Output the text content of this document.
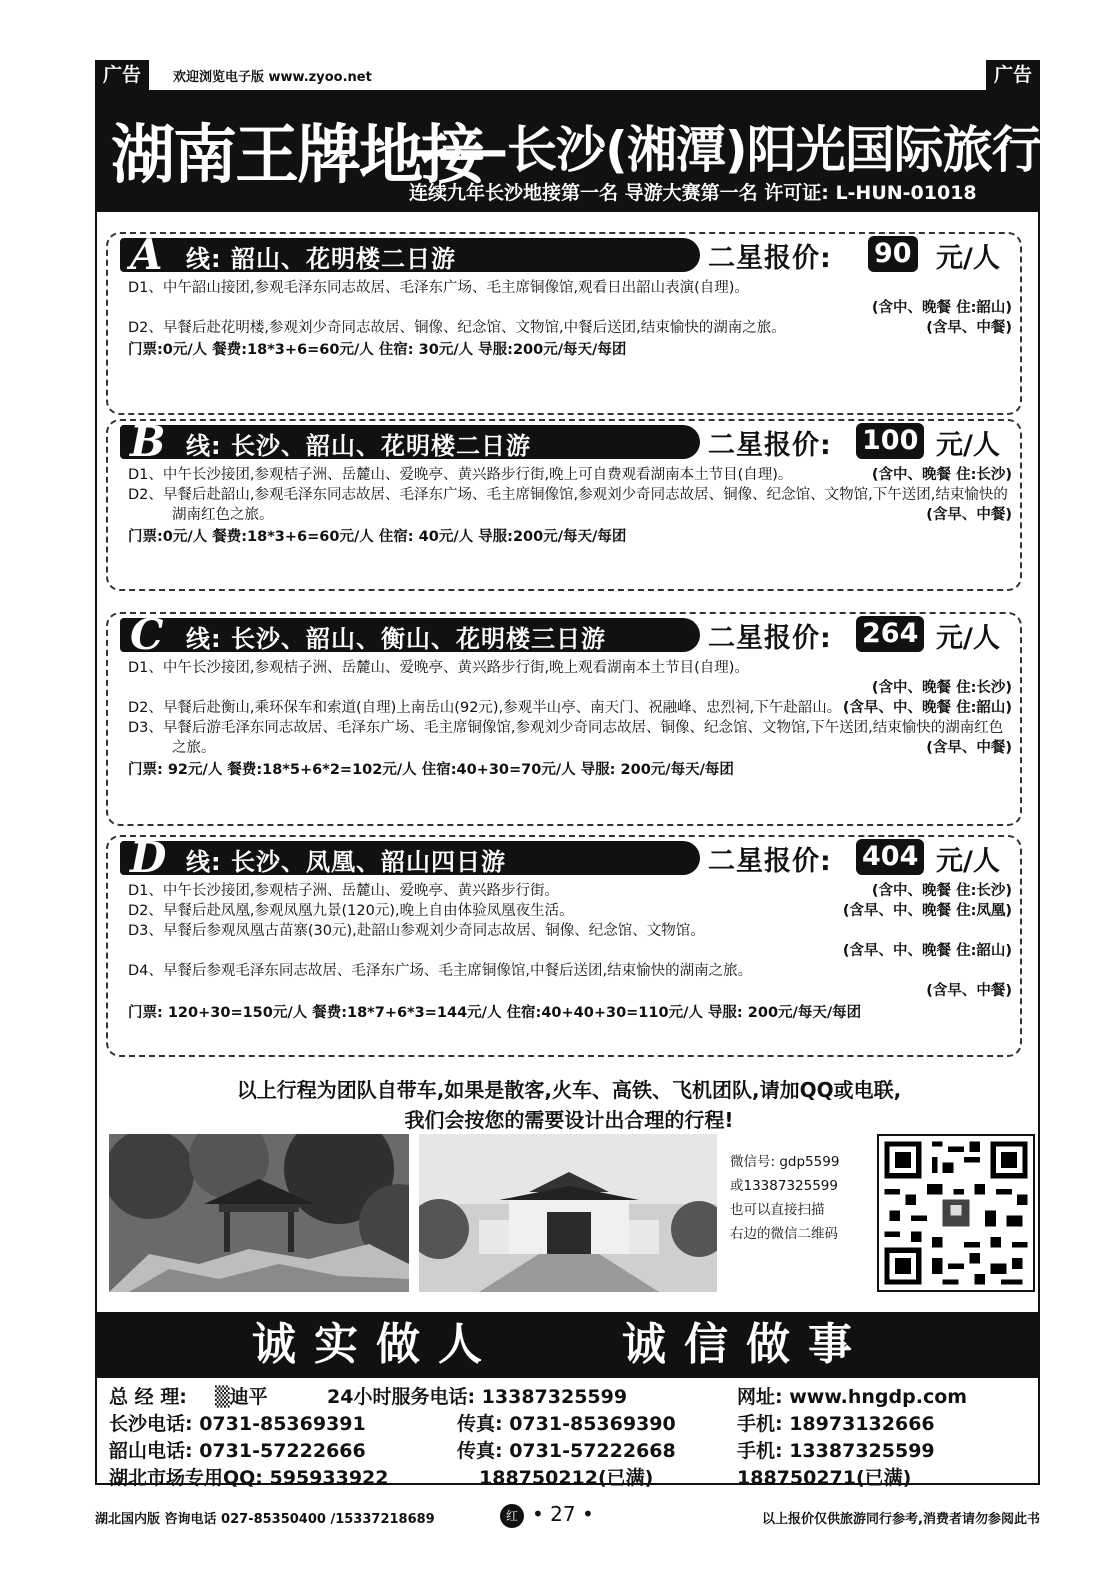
广告	欢迎浏览电子版 www.zyoo.net	广告
湖南王牌地接
——长沙(湘潭)阳光国际旅行社
连续九年长沙地接第一名 导游大赛第一名 许可证: L-HUN-01018
A 线: 韶山、花明楼二日游	二星报价: 90 元/人
D1、中午韶山接团,参观毛泽东同志故居、毛泽东广场、毛主席铜像馆,观看日出韶山表演(自理)。
(含中、晚餐 住:韶山)
D2、早餐后赴花明楼,参观刘少奇同志故居、铜像、纪念馆、文物馆,中餐后送团,结束愉快的湖南之旅。	(含早、中餐)
门票:0元/人 餐费:18*3+6=60元/人 住宿: 30元/人 导服:200元/每天/每团
B 线: 长沙、韶山、花明楼二日游	二星报价: 100 元/人
D1、中午长沙接团,参观桔子洲、岳麓山、爱晚亭、黄兴路步行街,晚上可自费观看湖南本土节目(自理)。	(含中、晚餐 住:长沙)
D2、早餐后赴韶山,参观毛泽东同志故居、毛泽东广场、毛主席铜像馆,参观刘少奇同志故居、铜像、纪念馆、文物馆,下午送团,结束愉快的湖南红色之旅。	(含早、中餐)
门票:0元/人 餐费:18*3+6=60元/人 住宿: 40元/人 导服:200元/每天/每团
C 线: 长沙、韶山、衡山、花明楼三日游	二星报价: 264 元/人
D1、中午长沙接团,参观桔子洲、岳麓山、爱晚亭、黄兴路步行街,晚上观看湖南本土节目(自理)。
(含中、晚餐 住:长沙)
D2、早餐后赴衡山,乘环保车和索道(自理)上南岳山(92元),参观半山亭、南天门、祝融峰、忠烈祠,下午赴韶山。 (含早、中、晚餐 住:韶山)
D3、早餐后游毛泽东同志故居、毛泽东广场、毛主席铜像馆,参观刘少奇同志故居、铜像、纪念馆、文物馆,下午送团,结束愉快的湖南红色之旅。	(含早、中餐)
门票: 92元/人 餐费:18*5+6*2=102元/人 住宿:40+30=70元/人 导服: 200元/每天/每团
D 线: 长沙、凤凰、韶山四日游	二星报价: 404 元/人
D1、中午长沙接团,参观桔子洲、岳麓山、爱晚亭、黄兴路步行街。	(含中、晚餐 住:长沙)
D2、早餐后赴凤凰,参观凤凰九景(120元),晚上自由体验凤凰夜生活。	(含早、中、晚餐 住:凤凰)
D3、早餐后参观凤凰古苗寨(30元),赴韶山参观刘少奇同志故居、铜像、纪念馆、文物馆。
(含早、中、晚餐 住:韶山)
D4、早餐后参观毛泽东同志故居、毛泽东广场、毛主席铜像馆,中餐后送团,结束愉快的湖南之旅。
(含早、中餐)
门票: 120+30=150元/人 餐费:18*7+6*3=144元/人 住宿:40+40+30=110元/人 导服: 200元/每天/每团
以上行程为团队自带车,如果是散客,火车、高铁、飞机团队,请加QQ或电联,
我们会按您的需要设计出合理的行程!
微信号: gdp5599
或13387325599
也可以直接扫描
右边的微信二维码
诚实做人	诚信做事
总 经 理: ▒迪平	24小时服务电话: 13387325599	网址: www.hngdp.com
长沙电话: 0731-85369391	传真: 0731-85369390	手机: 18973132666
韶山电话: 0731-57222666	传真: 0731-57222668	手机: 13387325599
湖北市场专用QQ: 595933922	188750212(已满)	188750271(已满)
湖北国内版 咨询电话 027-85350400 /15337218689	红 • 27 •	以上报价仅供旅游同行参考,消费者请勿参阅此书
